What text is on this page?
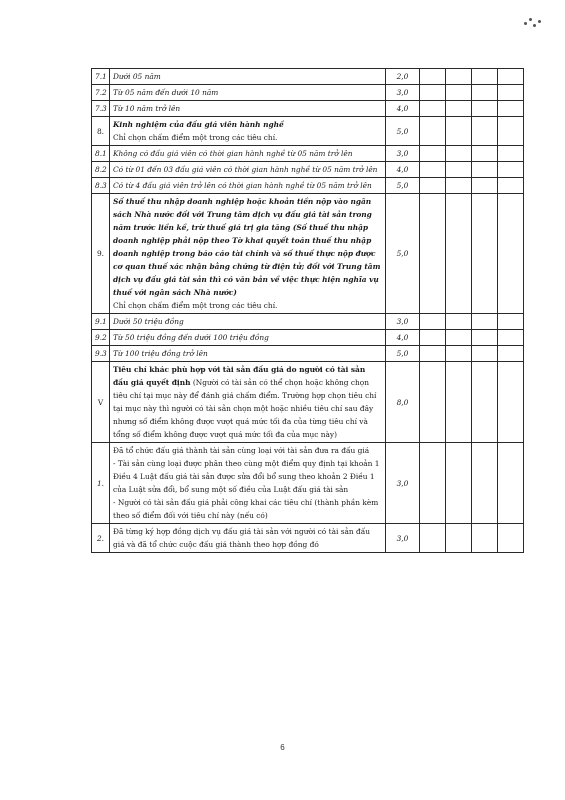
7.1	Dưới 05 năm	2,0				
7.2	Từ 05 năm đến dưới 10 năm	3,0				
7.3	Từ 10 năm trở lên	4,0				
8.	Kinh nghiệm của đấu giá viên hành nghề
Chỉ chọn chấm điểm một trong các tiêu chí.	5,0				
8.1	Không có đấu giá viên có thời gian hành nghề từ 05 năm trở lên	3,0				
8.2	Có từ 01 đến 03 đấu giá viên có thời gian hành nghề từ 05 năm trở lên	4,0				
8.3	Có từ 4 đấu giá viên trở lên có thời gian hành nghề từ 05 năm trở lên	5,0				
9.	Số thuế thu nhập doanh nghiệp hoặc khoản tiền nộp vào ngân sách Nhà nước đối với Trung tâm dịch vụ đấu giá tài sản trong năm trước liền kề, trừ thuế giá trị gia tăng (Số thuế thu nhập doanh nghiệp phải nộp theo Tờ khai quyết toán thuế thu nhập doanh nghiệp trong báo cáo tài chính và số thuế thực nộp được cơ quan thuế xác nhận bằng chứng từ điện tử; đối với Trung tâm dịch vụ đấu giá tài sản thì có văn bản về việc thực hiện nghĩa vụ thuế với ngân sách Nhà nước)
Chỉ chọn chấm điểm một trong các tiêu chí.	5,0				
9.1	Dưới 50 triệu đồng	3,0				
9.2	Từ 50 triệu đồng đến dưới 100 triệu đồng	4,0				
9.3	Từ 100 triệu đồng trở lên	5,0				
V	Tiêu chí khác phù hợp với tài sản đấu giá do người có tài sản đấu giá quyết định (Người có tài sản có thể chọn hoặc không chọn tiêu chí tại mục này để đánh giá chấm điểm. Trường hợp chọn tiêu chí tại mục này thì người có tài sản chọn một hoặc nhiều tiêu chí sau đây nhưng số điểm không được vượt quá mức tối đa của từng tiêu chí và tổng số điểm không được vượt quá mức tối đa của mục này)	8,0				
1.	Đã tổ chức đấu giá thành tài sản cùng loại với tài sản đưa ra đấu giá
- Tài sản cùng loại được phân theo cùng một điểm quy định tại khoản 1 Điều 4 Luật đấu giá tài sản được sửa đổi bổ sung theo khoản 2 Điều 1 của Luật sửa đổi, bổ sung một số điều của Luật đấu giá tài sản
- Người có tài sản đấu giá phải công khai các tiêu chí (thành phần kèm theo số điểm đối với tiêu chí này (nếu có)	3,0				
2.	Đã từng ký hợp đồng dịch vụ đấu giá tài sản với người có tài sản đấu giá và đã tổ chức cuộc đấu giá thành theo hợp đồng đó	3,0				
6
